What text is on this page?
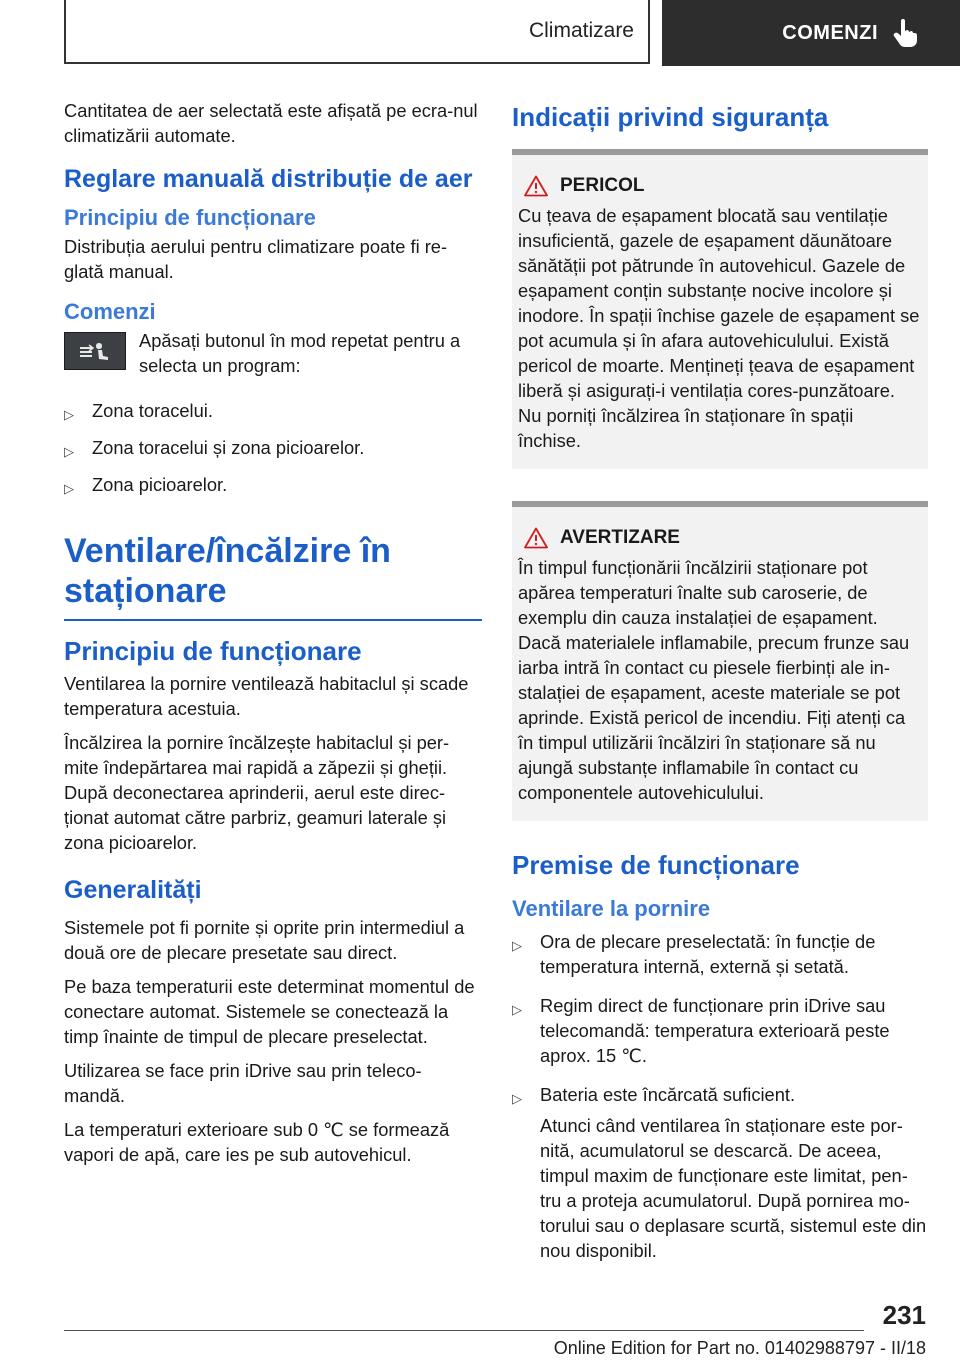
Climatizare	COMENZI

Cantitatea de aer selectată este afișată pe ecra-nul climatizării automate.

Reglare manuală distribuție de aer
Principiu de funcționare

Distribuția aerului pentru climatizare poate fi re-glată manual.

Comenzi

Apăsați butonul în mod repetat pentru a selecta un program:

▷ Zona toracelui.
▷ Zona toracelui și zona picioarelor.
▷ Zona picioarelor.
Ventilare/încălzire în staționare
Principiu de funcționare

Ventilarea la pornire ventilează habitaclul și scade temperatura acestuia.

Încălzirea la pornire încălzește habitaclul și per-mite îndepărtarea mai rapidă a zăpezii și gheții. După deconectarea aprinderii, aerul este direc-ționat automat către parbriz, geamuri laterale și zona picioarelor.

Generalități

Sistemele pot fi pornite și oprite prin intermediul a două ore de plecare presetate sau direct.

Pe baza temperaturii este determinat momentul de conectare automat. Sistemele se conectează la timp înainte de timpul de plecare preselectat.

Utilizarea se face prin iDrive sau prin teleco-mandă.

La temperaturi exterioare sub 0 ℃ se formează vapori de apă, care ies pe sub autovehicul.

Indicații privind siguranța
PERICOL

Cu țeava de eșapament blocată sau ventilație insuficientă, gazele de eșapament dăunătoare sănătății pot pătrunde în autovehicul. Gazele de eșapament conțin substanțe nocive incolore și inodore. În spații închise gazele de eșapament se pot acumula și în afara autovehiculului. Există pericol de moarte. Mențineți țeava de eșapament liberă și asigurați-i ventilația cores-punzătoare. Nu porniți încălzirea în staționare în spații închise.

AVERTIZARE

În timpul funcționării încălzirii staționare pot apărea temperaturi înalte sub caroserie, de exemplu din cauza instalației de eșapament. Dacă materialele inflamabile, precum frunze sau iarba intră în contact cu piesele fierbinți ale in-stalației de eșapament, aceste materiale se pot aprinde. Există pericol de incendiu. Fiți atenți ca în timpul utilizării încălziri în staționare să nu ajungă substanțe inflamabile în contact cu componentele autovehiculului.

Premise de funcționare
Ventilare la pornire
▷ Ora de plecare preselectată: în funcție de temperatura internă, externă și setată.

▷ Regim direct de funcționare prin iDrive sau telecomandă: temperatura exterioară peste aprox. 15 ℃.

▷ Bateria este încărcată suficient.

Atunci când ventilarea în staționare este por-nită, acumulatorul se descarcă. De aceea, timpul maxim de funcționare este limitat, pen-tru a proteja acumulatorul. După pornirea mo-torului sau o deplasare scurtă, sistemul este din nou disponibil.

231
Online Edition for Part no. 01402988797 - II/18
